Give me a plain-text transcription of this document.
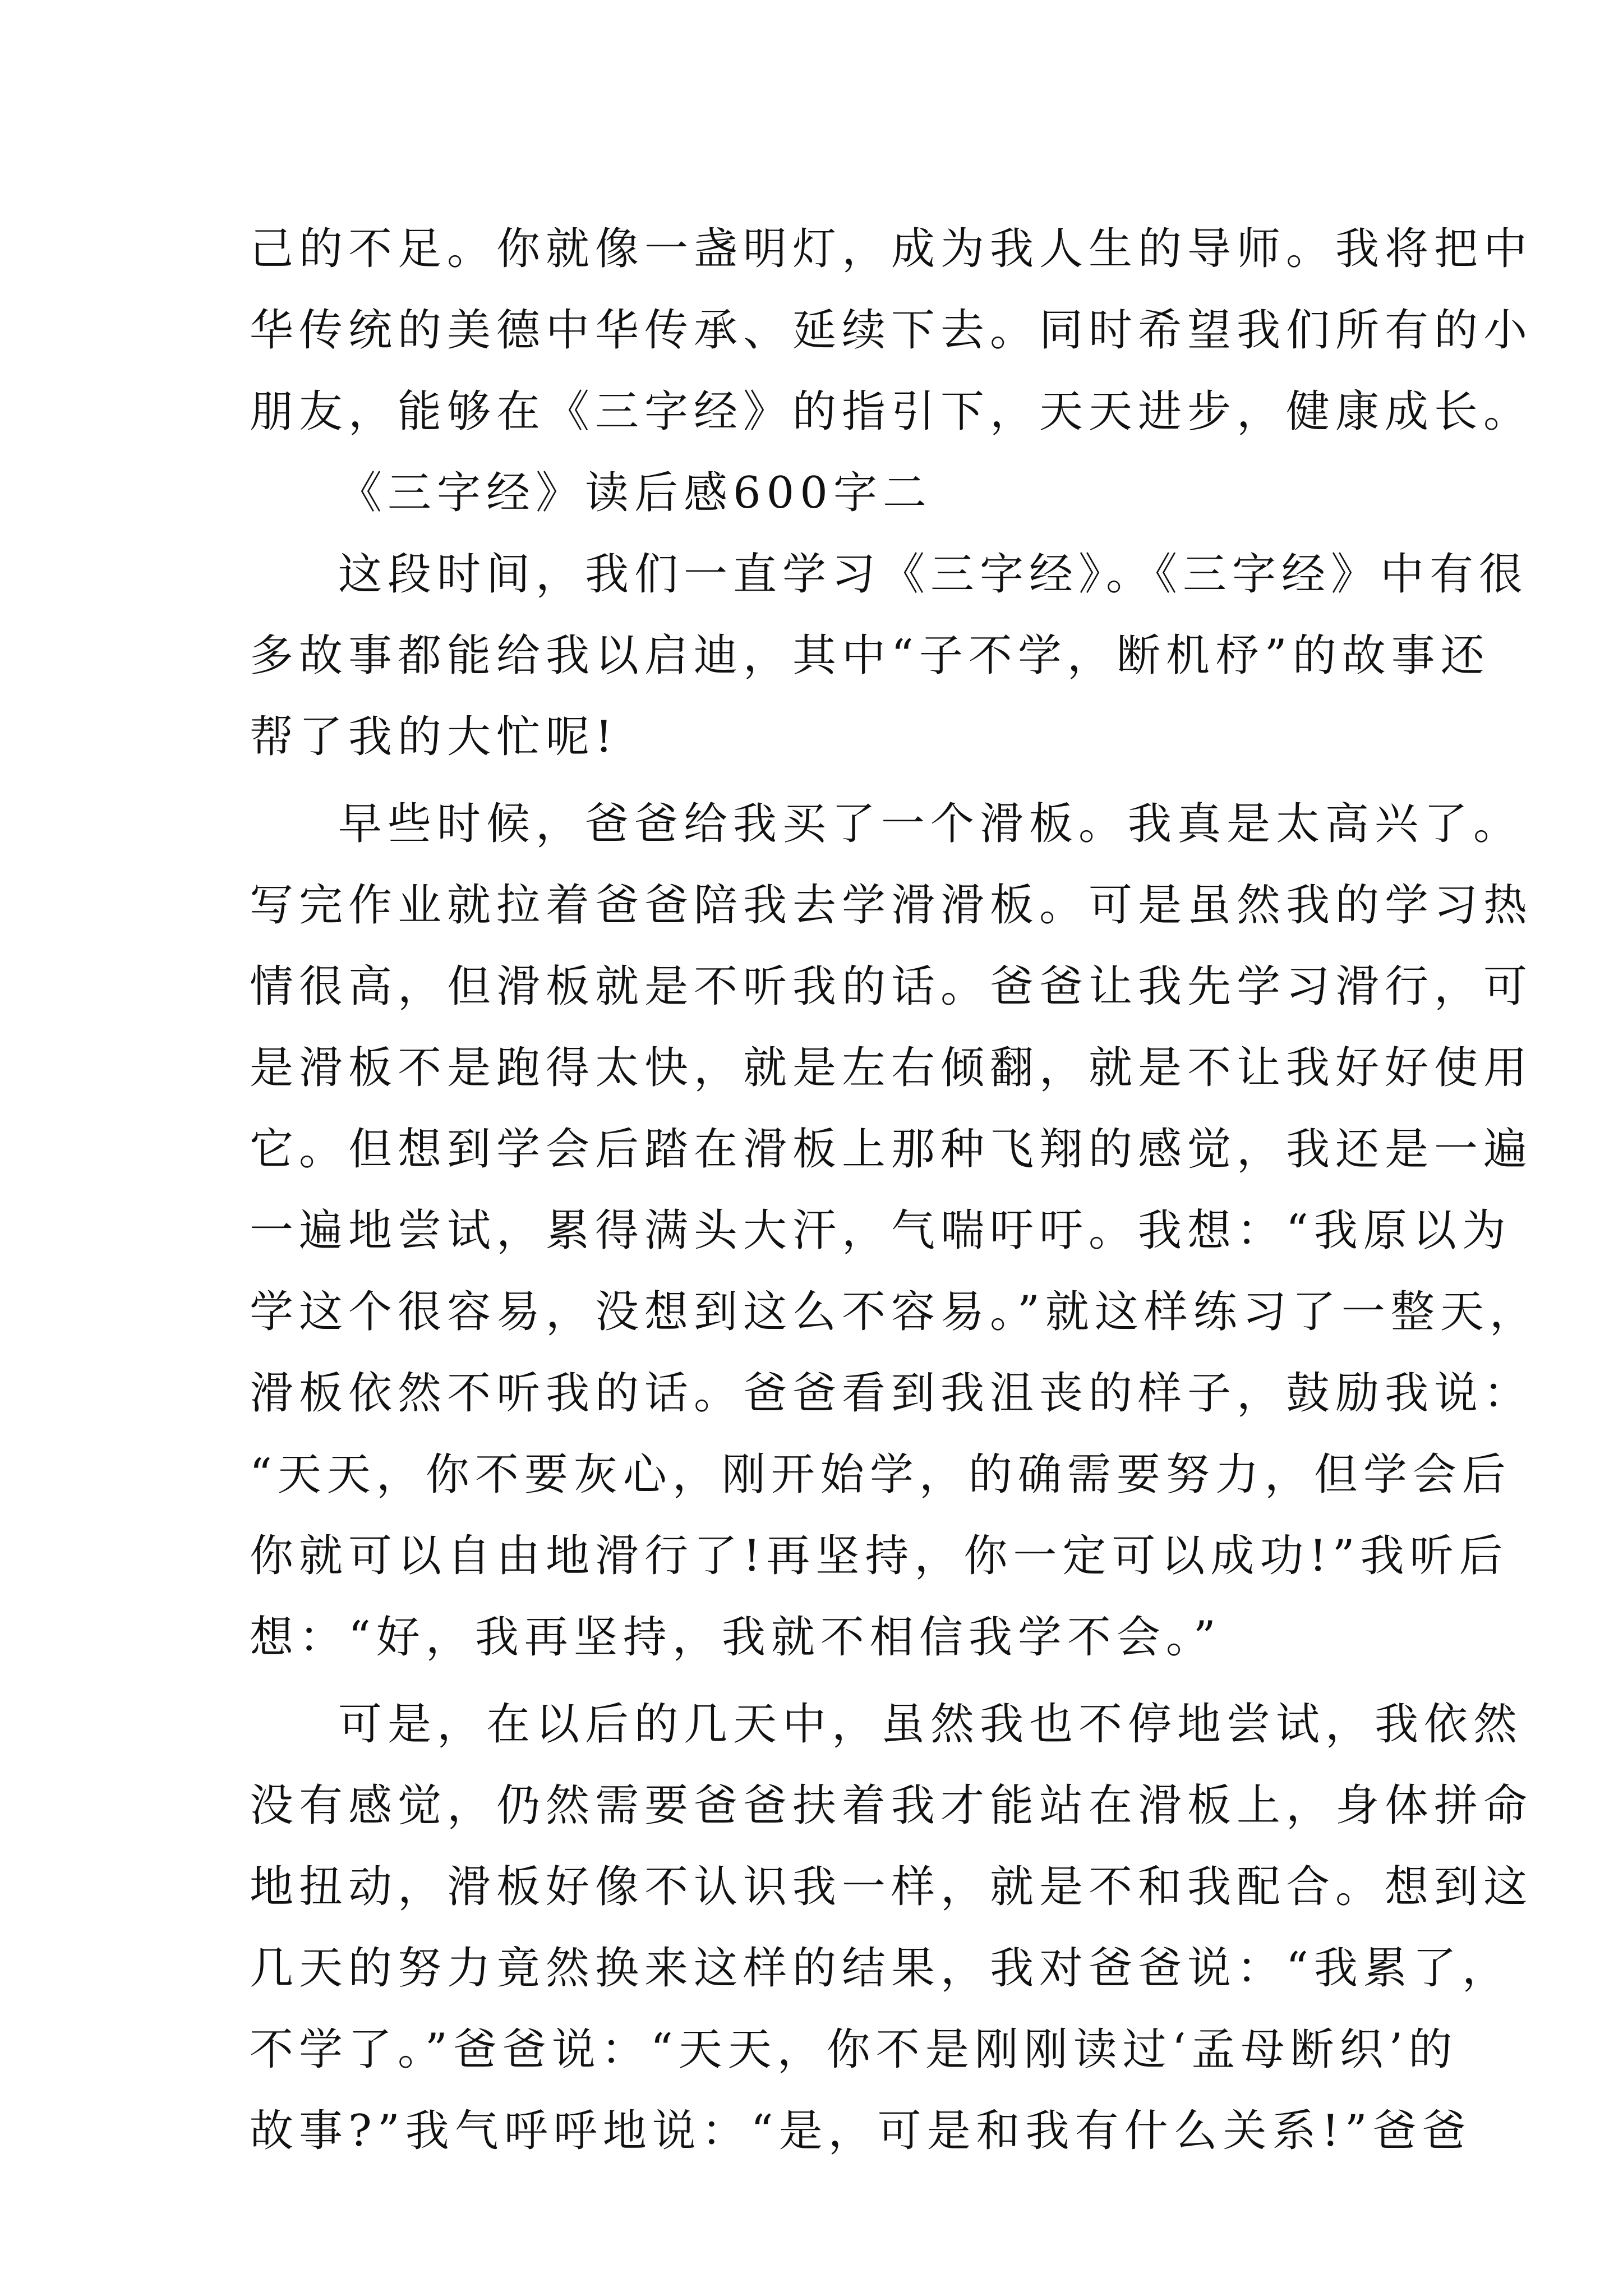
己的不足。你就像一盏明灯，成为我人生的导师。我将把中
华传统的美德中华传承、延续下去。同时希望我们所有的小
朋友，能够在《三字经》的指引下，天天进步，健康成长。
《三字经》读后感600字二
这段时间，我们一直学习《三字经》。《三字经》中有很
多故事都能给我以启迪，其中“子不学，断机杼”的故事还
帮了我的大忙呢!
早些时候，爸爸给我买了一个滑板。我真是太高兴了。
写完作业就拉着爸爸陪我去学滑滑板。可是虽然我的学习热
情很高，但滑板就是不听我的话。爸爸让我先学习滑行，可
是滑板不是跑得太快，就是左右倾翻，就是不让我好好使用
它。但想到学会后踏在滑板上那种飞翔的感觉，我还是一遍
一遍地尝试，累得满头大汗，气喘吁吁。我想：“我原以为
学这个很容易，没想到这么不容易。”就这样练习了一整天，
滑板依然不听我的话。爸爸看到我沮丧的样子，鼓励我说：
“天天，你不要灰心，刚开始学，的确需要努力，但学会后
你就可以自由地滑行了!再坚持，你一定可以成功!”我听后
想：“好，我再坚持，我就不相信我学不会。”
可是，在以后的几天中，虽然我也不停地尝试，我依然
没有感觉，仍然需要爸爸扶着我才能站在滑板上，身体拼命
地扭动，滑板好像不认识我一样，就是不和我配合。想到这
几天的努力竟然换来这样的结果，我对爸爸说：“我累了，
不学了。”爸爸说：“天天，你不是刚刚读过‘孟母断织’的
故事?”我气呼呼地说：“是，可是和我有什么关系!”爸爸
